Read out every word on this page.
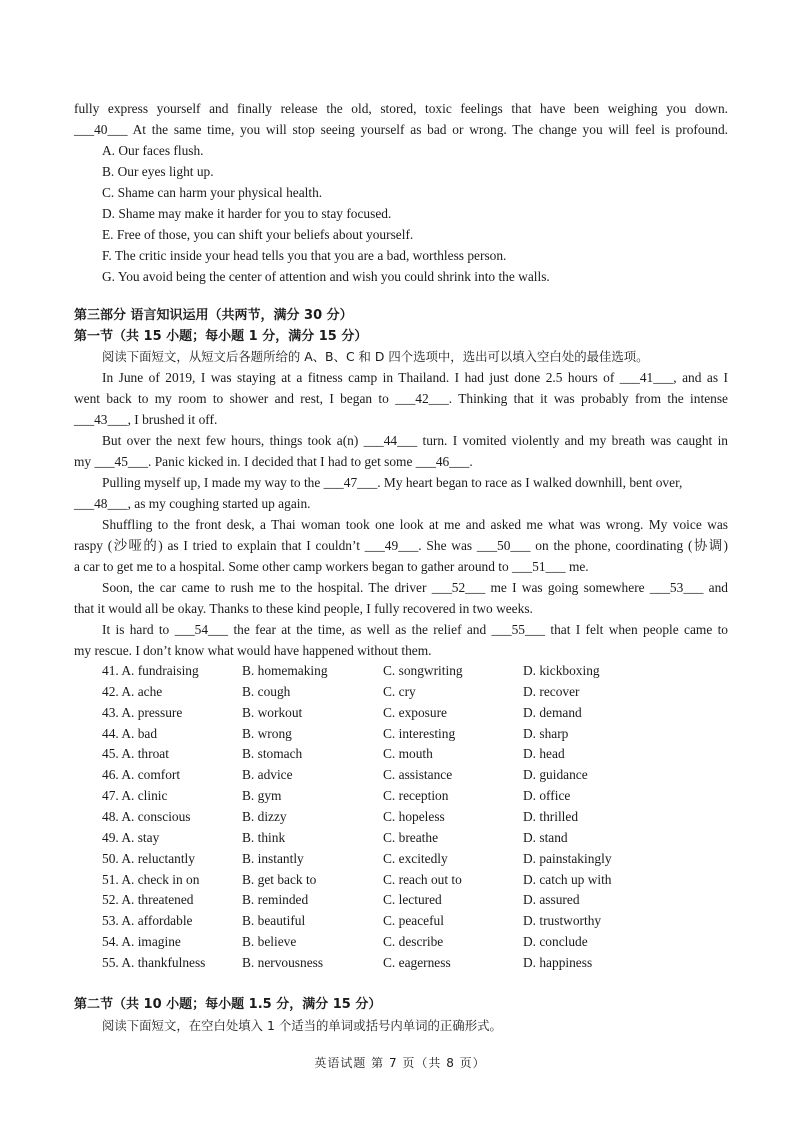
fully express yourself and finally release the old, stored, toxic feelings that have been weighing you down.
___40___ At the same time, you will stop seeing yourself as bad or wrong. The change you will feel is profound.
A. Our faces flush.
B. Our eyes light up.
C. Shame can harm your physical health.
D. Shame may make it harder for you to stay focused.
E. Free of those, you can shift your beliefs about yourself.
F. The critic inside your head tells you that you are a bad, worthless person.
G. You avoid being the center of attention and wish you could shrink into the walls.
第三部分 语言知识运用（共两节，满分 30 分）
第一节（共 15 小题；每小题 1 分，满分 15 分）
阅读下面短文，从短文后各题所给的 A、B、C 和 D 四个选项中，选出可以填入空白处的最佳选项。
In June of 2019, I was staying at a fitness camp in Thailand. I had just done 2.5 hours of ___41___, and as I
went back to my room to shower and rest, I began to ___42___. Thinking that it was probably from the intense
___43___, I brushed it off.
But over the next few hours, things took a(n) ___44___ turn. I vomited violently and my breath was caught in
my ___45___. Panic kicked in. I decided that I had to get some ___46___.
Pulling myself up, I made my way to the ___47___. My heart began to race as I walked downhill, bent over,
___48___, as my coughing started up again.
Shuffling to the front desk, a Thai woman took one look at me and asked me what was wrong. My voice was
raspy (沙哑的) as I tried to explain that I couldn’t ___49___. She was ___50___ on the phone, coordinating (协调)
a car to get me to a hospital. Some other camp workers began to gather around to ___51___ me.
Soon, the car came to rush me to the hospital. The driver ___52___ me I was going somewhere ___53___ and
that it would all be okay. Thanks to these kind people, I fully recovered in two weeks.
It is hard to ___54___ the fear at the time, as well as the relief and ___55___ that I felt when people came to
my rescue. I don’t know what would have happened without them.
41. A. fundraising	B. homemaking	C. songwriting	D. kickboxing
42. A. ache	B. cough	C. cry	D. recover
43. A. pressure	B. workout	C. exposure	D. demand
44. A. bad	B. wrong	C. interesting	D. sharp
45. A. throat	B. stomach	C. mouth	D. head
46. A. comfort	B. advice	C. assistance	D. guidance
47. A. clinic	B. gym	C. reception	D. office
48. A. conscious	B. dizzy	C. hopeless	D. thrilled
49. A. stay	B. think	C. breathe	D. stand
50. A. reluctantly	B. instantly	C. excitedly	D. painstakingly
51. A. check in on	B. get back to	C. reach out to	D. catch up with
52. A. threatened	B. reminded	C. lectured	D. assured
53. A. affordable	B. beautiful	C. peaceful	D. trustworthy
54. A. imagine	B. believe	C. describe	D. conclude
55. A. thankfulness	B. nervousness	C. eagerness	D. happiness
第二节（共 10 小题；每小题 1.5 分，满分 15 分）
阅读下面短文，在空白处填入 1 个适当的单词或括号内单词的正确形式。
英语试题 第 7 页（共 8 页）
